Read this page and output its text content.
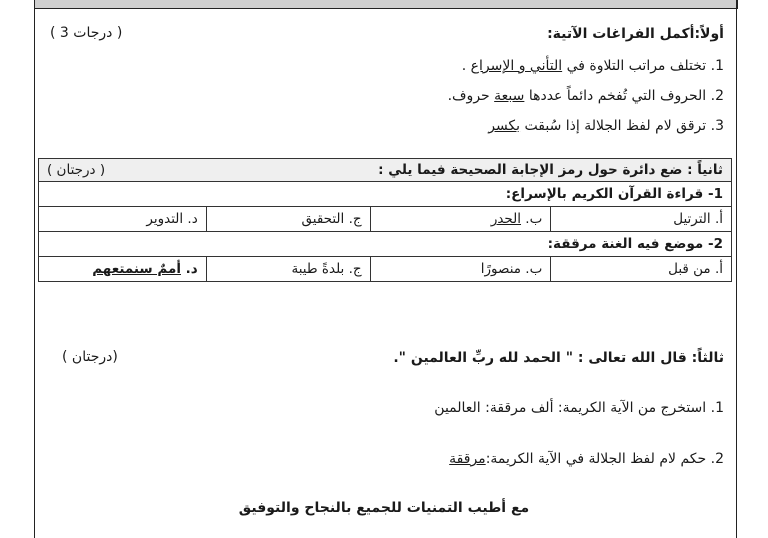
أولاً:أكمل الفراغات الآتية:
( 3 درجات )
1. تختلف مراتب التلاوة في التأني و الإسراع .
2. الحروف التي تُفخم دائماً عددها سبعة حروف.
3. ترقق لام لفظ الجلالة إذا سُبقت بكسر
ثانياً : ضع دائرة حول رمز الإجابة الصحيحة فيما يلي :		( درجتان )	
1- قراءة القرآن الكريم بالإسراع:			
أ. الترتيل	ب. الحدر	ج. التحقيق	د. التدوير
2- موضع فيه الغنة مرققة:			
أ. من قبل	ب. منصورًا	ج. بلدةً طيبة	د. أممٌ سنمتعهم
ثالثاً: قال الله تعالى : " الحمد لله ربِّ العالمين ".
( درجتان)
1. استخرج من الآية الكريمة: ألف مرققة: العالمين
2. حكم لام لفظ الجلالة في الآية الكريمة:مرققة
مع أطيب التمنيات للجميع بالنجاح والتوفيق
